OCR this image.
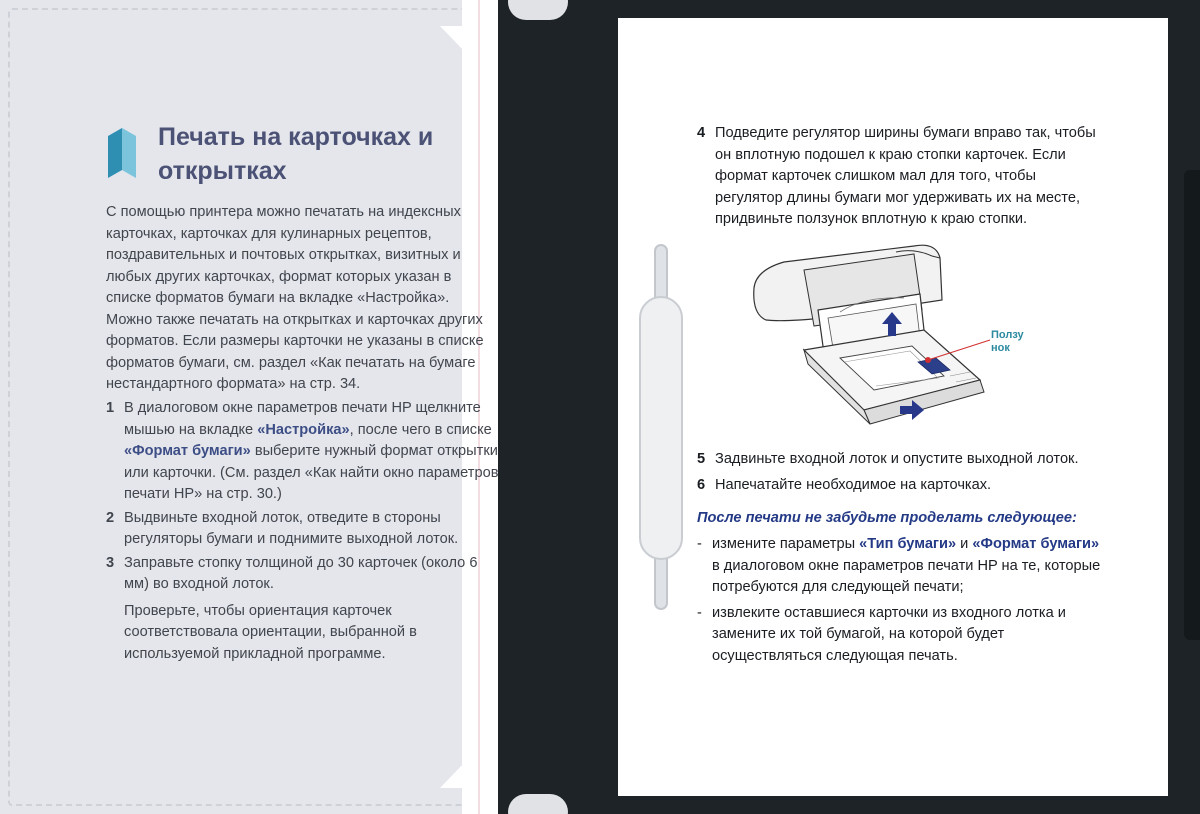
Печать на карточках и открытках
С помощью принтера можно печатать на индексных карточках, карточках для кулинарных рецептов, поздравительных и почтовых открытках, визитных и любых других карточках, формат которых указан в списке форматов бумаги на вкладке «Настройка». Можно также печатать на открытках и карточках других форматов. Если размеры карточки не указаны в списке форматов бумаги, см. раздел «Как печатать на бумаге нестандартного формата» на стр. 34.
1 В диалоговом окне параметров печати HP щелкните мышью на вкладке «Настройка», после чего в списке «Формат бумаги» выберите нужный формат открытки или карточки. (См. раздел «Как найти окно параметров печати HP» на стр. 30.)
2 Выдвиньте входной лоток, отведите в стороны регуляторы бумаги и поднимите выходной лоток.
3 Заправьте стопку толщиной до 30 карточек (около 6 мм) во входной лоток.
Проверьте, чтобы ориентация карточек соответствовала ориентации, выбранной в используемой прикладной программе.
4 Подведите регулятор ширины бумаги вправо так, чтобы он вплотную подошел к краю стопки карточек. Если формат карточек слишком мал для того, чтобы регулятор длины бумаги мог удерживать их на месте, придвиньте ползунок вплотную к краю стопки.
Ползу
нок
5 Задвиньте входной лоток и опустите выходной лоток.
6 Напечатайте необходимое на карточках.
После печати не забудьте проделать следующее:
- измените параметры «Тип бумаги» и «Формат бумаги» в диалоговом окне параметров печати HP на те, которые потребуются для следующей печати;
- извлеките оставшиеся карточки из входного лотка и замените их той бумагой, на которой будет осуществляться следующая печать.
